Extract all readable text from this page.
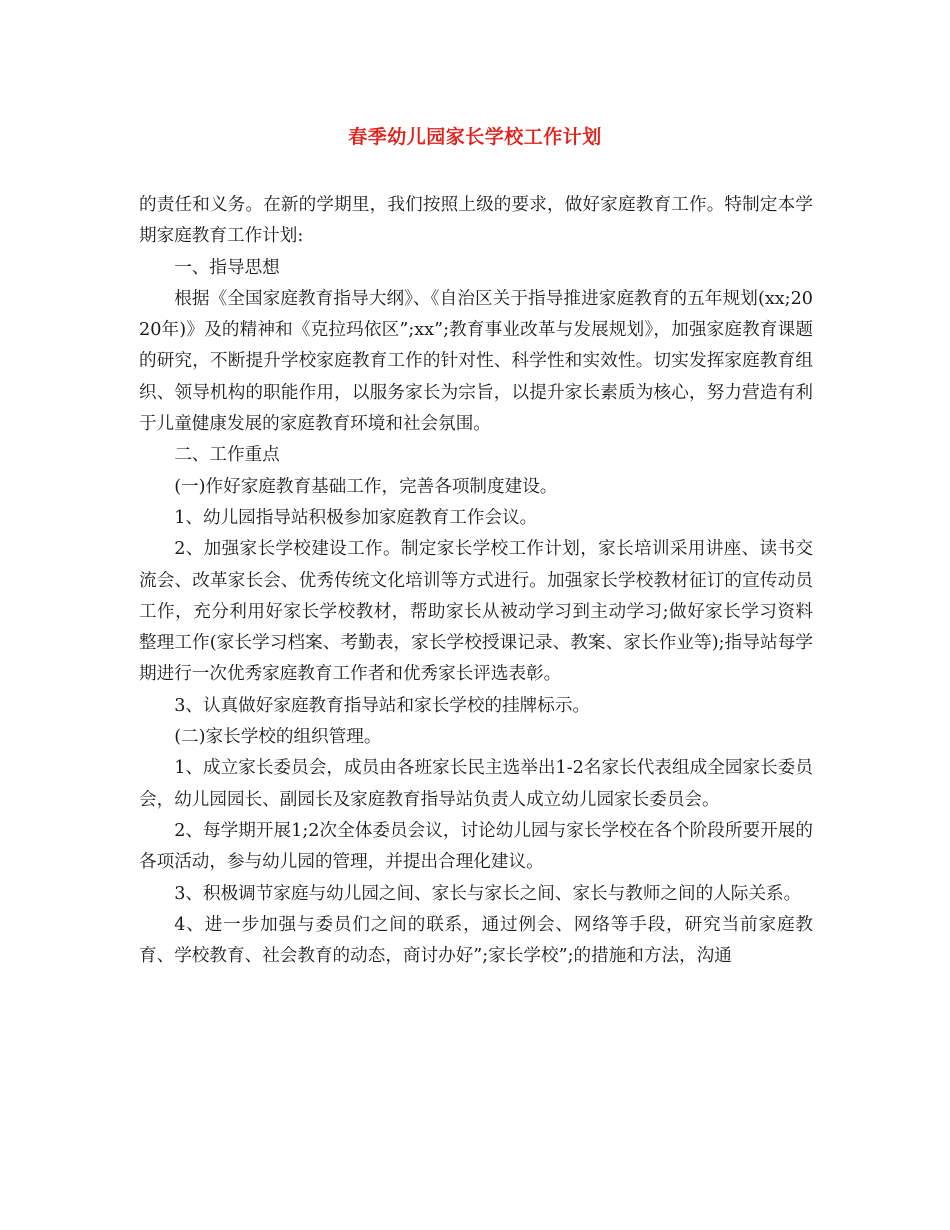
春季幼儿园家长学校工作计划

的责任和义务。在新的学期里，我们按照上级的要求，做好家庭教育工作。特制定本学期家庭教育工作计划:

一、指导思想

根据《全国家庭教育指导大纲》、《自治区关于指导推进家庭教育的五年规划(xx;2020年)》及的精神和《克拉玛依区”;xx”;教育事业改革与发展规划》，加强家庭教育课题的研究，不断提升学校家庭教育工作的针对性、科学性和实效性。切实发挥家庭教育组织、领导机构的职能作用，以服务家长为宗旨，以提升家长素质为核心，努力营造有利于儿童健康发展的家庭教育环境和社会氛围。

二、工作重点

(一)作好家庭教育基础工作，完善各项制度建设。

1、幼儿园指导站积极参加家庭教育工作会议。

2、加强家长学校建设工作。制定家长学校工作计划，家长培训采用讲座、读书交流会、改革家长会、优秀传统文化培训等方式进行。加强家长学校教材征订的宣传动员工作，充分利用好家长学校教材，帮助家长从被动学习到主动学习;做好家长学习资料整理工作(家长学习档案、考勤表，家长学校授课记录、教案、家长作业等);指导站每学期进行一次优秀家庭教育工作者和优秀家长评选表彰。

3、认真做好家庭教育指导站和家长学校的挂牌标示。

(二)家长学校的组织管理。

1、成立家长委员会，成员由各班家长民主选举出1-2名家长代表组成全园家长委员会，幼儿园园长、副园长及家庭教育指导站负责人成立幼儿园家长委员会。

2、每学期开展1;2次全体委员会议，讨论幼儿园与家长学校在各个阶段所要开展的各项活动，参与幼儿园的管理，并提出合理化建议。

3、积极调节家庭与幼儿园之间、家长与家长之间、家长与教师之间的人际关系。

4、进一步加强与委员们之间的联系，通过例会、网络等手段，研究当前家庭教育、学校教育、社会教育的动态，商讨办好”;家长学校”;的措施和方法，沟通
